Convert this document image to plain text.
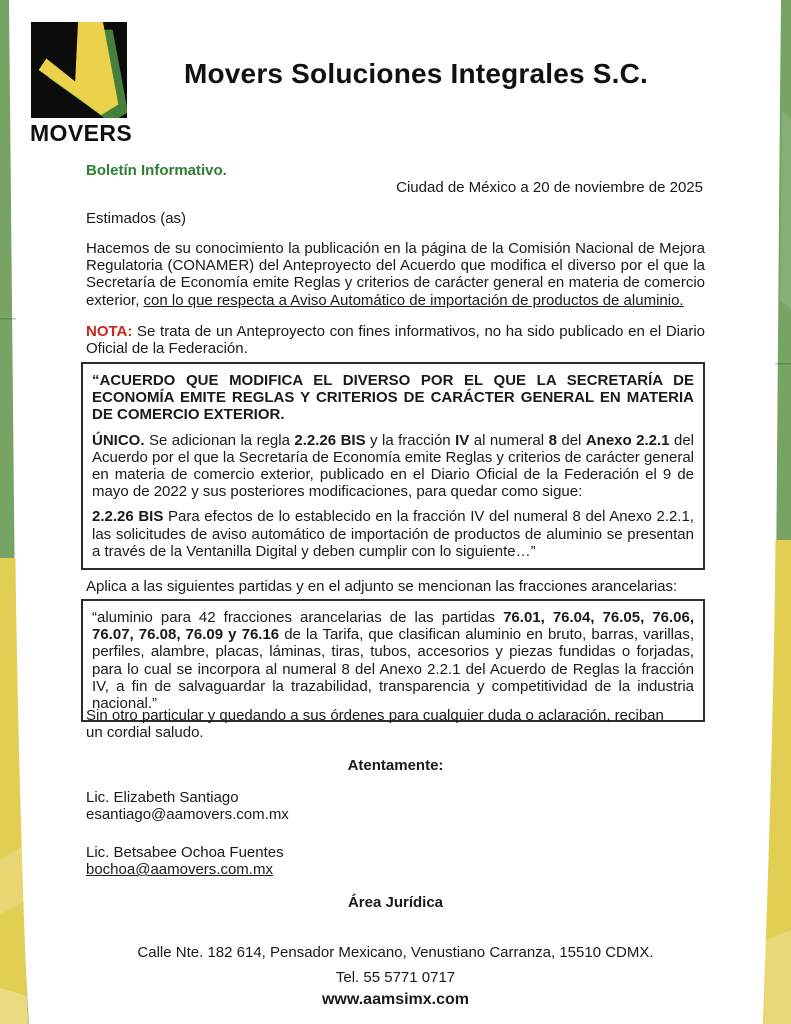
MOVERS
Movers Soluciones Integrales S.C.
Boletín Informativo.
Ciudad de México a 20 de noviembre de 2025
Estimados (as)

Hacemos de su conocimiento la publicación en la página de la Comisión Nacional de Mejora Regulatoria (CONAMER) del Anteproyecto del Acuerdo que modifica el diverso por el que la Secretaría de Economía emite Reglas y criterios de carácter general en materia de comercio exterior, con lo que respecta a Aviso Automático de importación de productos de aluminio.

NOTA: Se trata de un Anteproyecto con fines informativos, no ha sido publicado en el Diario Oficial de la Federación.

“ACUERDO QUE MODIFICA EL DIVERSO POR EL QUE LA SECRETARÍA DE ECONOMÍA EMITE REGLAS Y CRITERIOS DE CARÁCTER GENERAL EN MATERIA DE COMERCIO EXTERIOR.

ÚNICO. Se adicionan la regla 2.2.26 BIS y la fracción IV al numeral 8 del Anexo 2.2.1 del Acuerdo por el que la Secretaría de Economía emite Reglas y criterios de carácter general en materia de comercio exterior, publicado en el Diario Oficial de la Federación el 9 de mayo de 2022 y sus posteriores modificaciones, para quedar como sigue:

2.2.26 BIS Para efectos de lo establecido en la fracción IV del numeral 8 del Anexo 2.2.1, las solicitudes de aviso automático de importación de productos de aluminio se presentan a través de la Ventanilla Digital y deben cumplir con lo siguiente…”

Aplica a las siguientes partidas y en el adjunto se mencionan las fracciones arancelarias:

“aluminio para 42 fracciones arancelarias de las partidas 76.01, 76.04, 76.05, 76.06, 76.07, 76.08, 76.09 y 76.16 de la Tarifa, que clasifican aluminio en bruto, barras, varillas, perfiles, alambre, placas, láminas, tiras, tubos, accesorios y piezas fundidas o forjadas, para lo cual se incorpora al numeral 8 del Anexo 2.2.1 del Acuerdo de Reglas la fracción IV, a fin de salvaguardar la trazabilidad, transparencia y competitividad de la industria nacional.”

Sin otro particular y quedando a sus órdenes para cualquier duda o aclaración, reciban
un cordial saludo.
Atentamente:
Lic. Elizabeth Santiago
esantiago@aamovers.com.mx
Lic. Betsabee Ochoa Fuentes
bochoa@aamovers.com.mx
Área Jurídica
Calle Nte. 182 614, Pensador Mexicano, Venustiano Carranza, 15510 CDMX.
Tel. 55 5771 0717
www.aamsimx.com
